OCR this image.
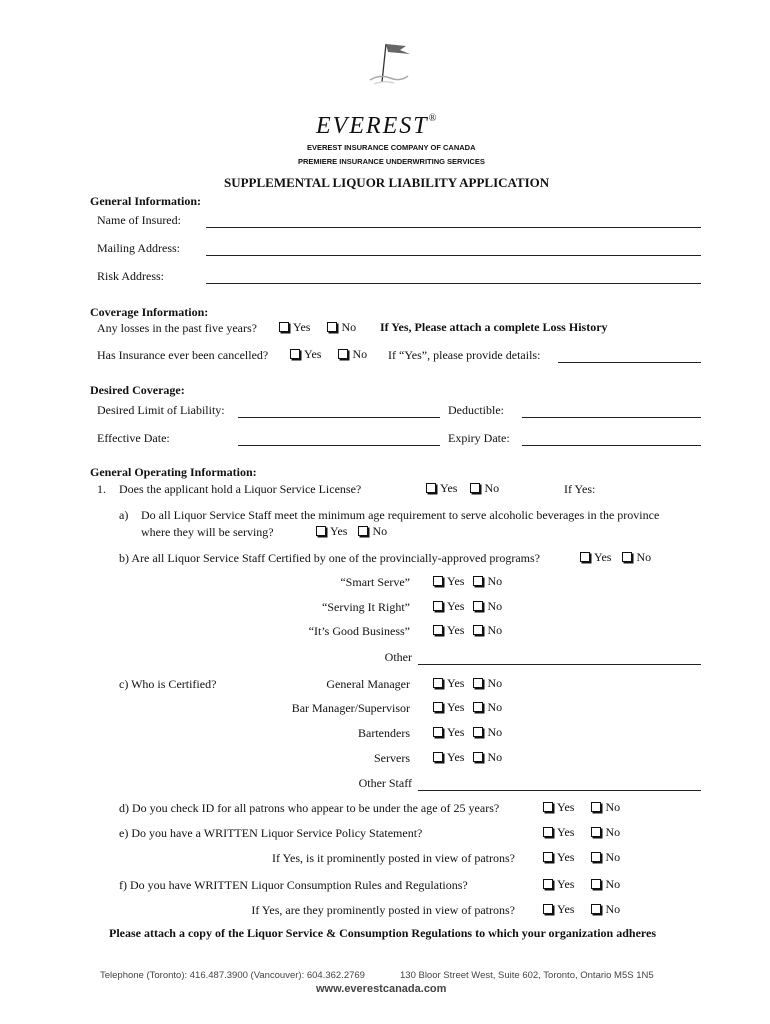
EVEREST®
EVEREST INSURANCE COMPANY OF CANADA
PREMIERE INSURANCE UNDERWRITING SERVICES
SUPPLEMENTAL LIQUOR LIABILITY APPLICATION
General Information:
Name of Insured:
Mailing Address:
Risk Address:
Coverage Information:
Any losses in the past five years?	Yes	No If Yes, Please attach a complete Loss History
Has Insurance ever been cancelled?	Yes	No If “Yes”, please provide details:
Desired Coverage:
Desired Limit of Liability:	Deductible:
Effective Date:	Expiry Date:
General Operating Information:
1. Does the applicant hold a Liquor Service License?	Yes No	If Yes:
a) Do all Liquor Service Staff meet the minimum age requirement to serve alcoholic beverages in the province
where they will be serving?	Yes No
b) Are all Liquor Service Staff Certified by one of the provincially-approved programs?	Yes No
“Smart Serve”	Yes No
“Serving It Right”	Yes No
“It’s Good Business”	Yes No
Other
c) Who is Certified?	General Manager	Yes No
Bar Manager/Supervisor	Yes No
Bartenders	Yes No
Servers	Yes No
Other Staff
d) Do you check ID for all patrons who appear to be under the age of 25 years?	Yes	No
e) Do you have a WRITTEN Liquor Service Policy Statement?	Yes	No
If Yes, is it prominently posted in view of patrons?	Yes	No
f) Do you have WRITTEN Liquor Consumption Rules and Regulations?	Yes	No
If Yes, are they prominently posted in view of patrons?	Yes	No
Please attach a copy of the Liquor Service & Consumption Regulations to which your organization adheres
Telephone (Toronto): 416.487.3900 (Vancouver): 604.362.2769	130 Bloor Street West, Suite 602, Toronto, Ontario M5S 1N5
www.everestcanada.com
